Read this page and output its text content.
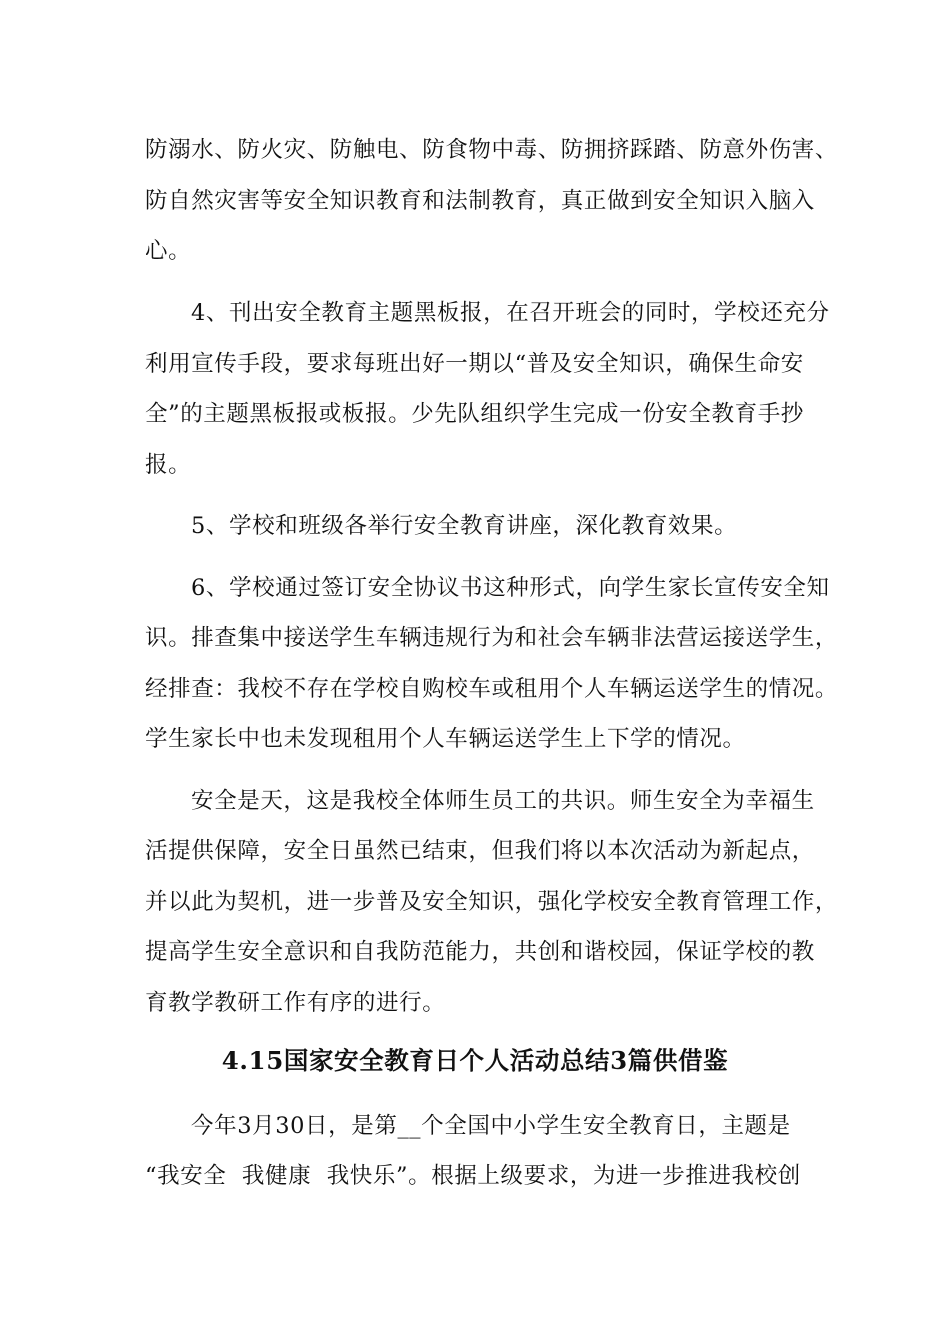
防溺水、防火灾、防触电、防食物中毒、防拥挤踩踏、防意外伤害、
防自然灾害等安全知识教育和法制教育，真正做到安全知识入脑入
心。
4、刊出安全教育主题黑板报，在召开班会的同时，学校还充分
利用宣传手段，要求每班出好一期以“普及安全知识，确保生命安
全”的主题黑板报或板报。少先队组织学生完成一份安全教育手抄
报。
5、学校和班级各举行安全教育讲座，深化教育效果。
6、学校通过签订安全协议书这种形式，向学生家长宣传安全知
识。排查集中接送学生车辆违规行为和社会车辆非法营运接送学生，
经排查：我校不存在学校自购校车或租用个人车辆运送学生的情况。
学生家长中也未发现租用个人车辆运送学生上下学的情况。
安全是天，这是我校全体师生员工的共识。师生安全为幸福生
活提供保障，安全日虽然已结束，但我们将以本次活动为新起点，
并以此为契机，进一步普及安全知识，强化学校安全教育管理工作，
提高学生安全意识和自我防范能力，共创和谐校园，保证学校的教
育教学教研工作有序的进行。
4.15国家安全教育日个人活动总结3篇供借鉴
今年3月30日，是第__个全国中小学生安全教育日，主题是
“我安全  我健康  我快乐”。根据上级要求，为进一步推进我校创
